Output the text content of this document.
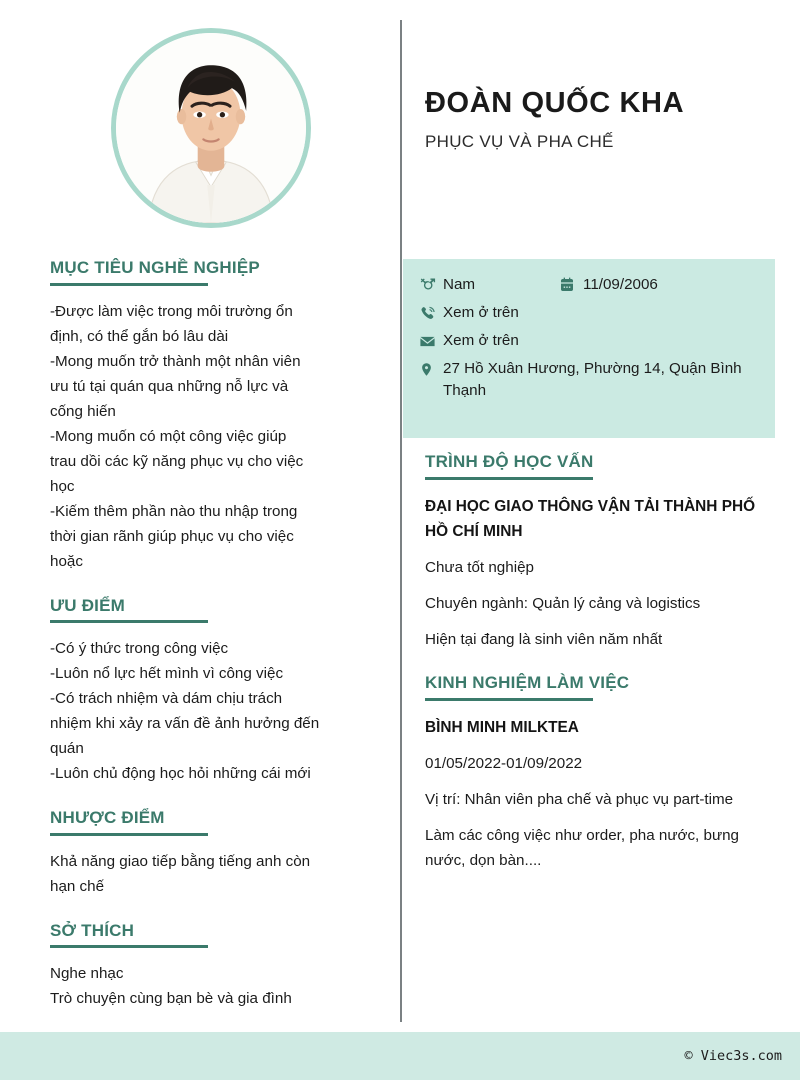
MỤC TIÊU NGHỀ NGHIỆP
-Được làm việc trong môi trường ổn
định, có thể gắn bó lâu dài
-Mong muốn trở thành một nhân viên
ưu tú tại quán qua những nỗ lực và
cống hiến
-Mong muốn có một công việc giúp
trau dồi các kỹ năng phục vụ cho việc
học
-Kiếm thêm phần nào thu nhập trong
thời gian rãnh giúp phục vụ cho việc
hoặc
ƯU ĐIỂM
-Có ý thức trong công việc
-Luôn nổ lực hết mình vì công việc
-Có trách nhiệm và dám chịu trách
nhiệm khi xảy ra vấn đề ảnh hưởng đến
quán
-Luôn chủ động học hỏi những cái mới
NHƯỢC ĐIỂM
Khả năng giao tiếp bằng tiếng anh còn
hạn chế
SỞ THÍCH
Nghe nhạc
Trò chuyện cùng bạn bè và gia đình
ĐOÀN QUỐC KHA
PHỤC VỤ VÀ PHA CHẾ
Nam	11/09/2006
Xem ở trên
Xem ở trên
27 Hồ Xuân Hương, Phường 14, Quận Bình Thạnh
TRÌNH ĐỘ HỌC VẤN
ĐẠI HỌC GIAO THÔNG VẬN TẢI THÀNH PHỐ HỒ CHÍ MINH
Chưa tốt nghiệp
Chuyên ngành: Quản lý cảng và logistics
Hiện tại đang là sinh viên năm nhất
KINH NGHIỆM LÀM VIỆC
BÌNH MINH MILKTEA
01/05/2022-01/09/2022
Vị trí: Nhân viên pha chế và phục vụ part-time
Làm các công việc như order, pha nước, bưng nước, dọn bàn....
© Viec3s.com
